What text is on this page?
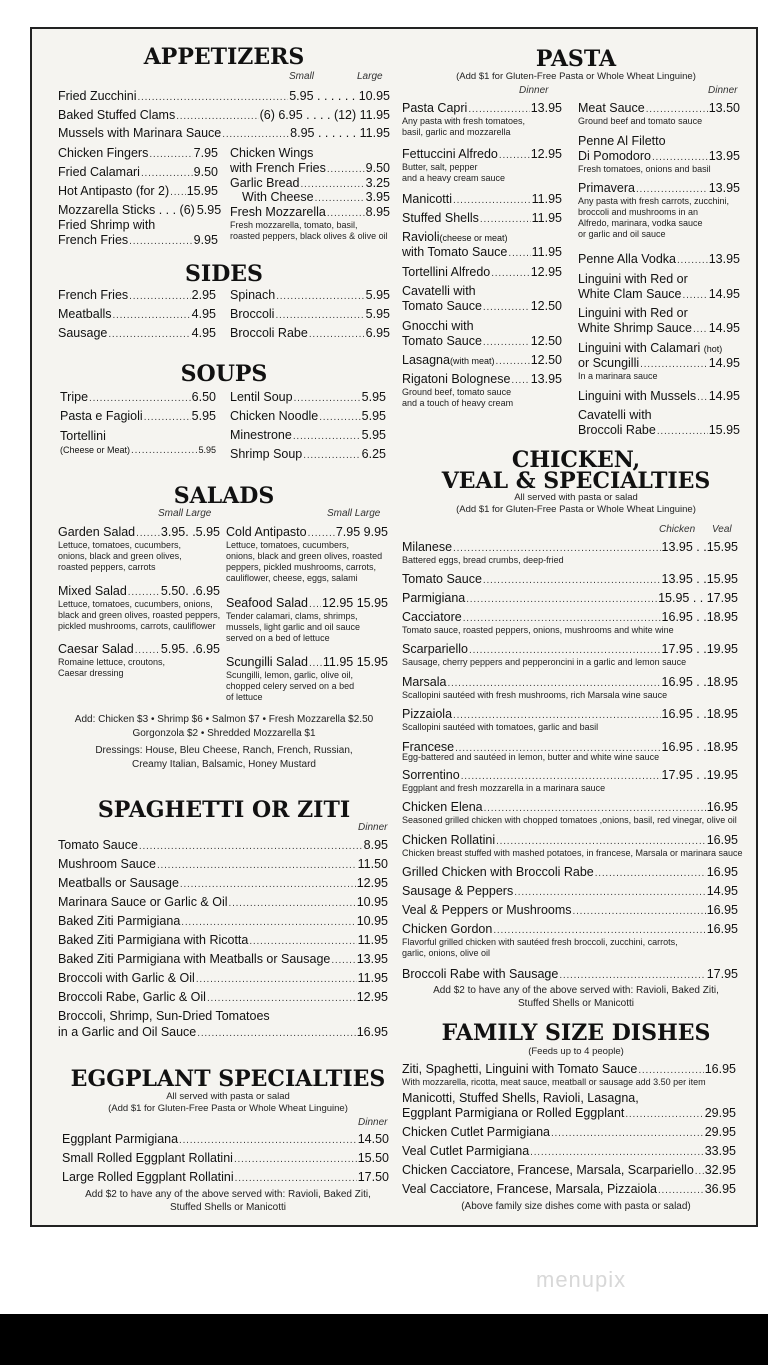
APPETIZERS
Small	Large
Fried Zucchini . . .	5.95 . . . . . . 10.95
Baked Stuffed Clams . . .	(6) 6.95 . . . . (12) 11.95
Mussels with Marinara Sauce . . .	8.95 . . . . . . 11.95
Chicken Fingers . . .	7.95
Fried Calamari . . .	9.50
Hot Antipasto (for 2) . . . 15.95
Mozzarella Sticks . . . (6) 5.95
Fried Shrimp with
French Fries . . .	9.95
Chicken Wings
with French Fries . . .	9.50
Garlic Bread . . .	3.25
With Cheese . . .	3.95
Fresh Mozzarella . . .	8.95
Fresh mozzarella, tomato, basil,
roasted peppers, black olives & olive oil
SIDES
French Fries . . .	2.95
Meatballs . . .	4.95
Sausage . . .	4.95
Spinach . . .	5.95
Broccoli . . .	5.95
Broccoli Rabe . . .	6.95
SOUPS
Tripe . . .	6.50
Pasta e Fagioli . . .	5.95
Tortellini
(Cheese or Meat) . . .	5.95
Lentil Soup . . .	5.95
Chicken Noodle . . .	5.95
Minestrone . . .	5.95
Shrimp Soup . . .	6.25
SALADS
Small Large	Small Large
Garden Salad . . . 3.95. .5.95
Lettuce, tomatoes, cucumbers,
onions, black and green olives,
roasted peppers, carrots
Mixed Salad . . .	5.50. .6.95
Lettuce, tomatoes, cucumbers, onions,
black and green olives, roasted peppers,
pickled mushrooms, carrots, cauliflower
Caesar Salad . . . 5.95. .6.95
Romaine lettuce, croutons,
Caesar dressing
Cold Antipasto . . . 7.95 9.95
Lettuce, tomatoes, cucumbers,
onions, black and green olives, roasted
peppers, pickled mushrooms, carrots,
cauliflower, cheese, eggs, salami
Seafood Salad . . . 12.95 15.95
Tender calamari, clams, shrimps,
mussels, light garlic and oil sauce
served on a bed of lettuce
Scungilli Salad . . . 11.95 15.95
Scungilli, lemon, garlic, olive oil,
chopped celery served on a bed
of lettuce
Add: Chicken $3 • Shrimp $6 • Salmon $7 • Fresh Mozzarella $2.50
Gorgonzola $2 • Shredded Mozzarella $1
Dressings: House, Bleu Cheese, Ranch, French, Russian,
Creamy Italian, Balsamic, Honey Mustard
SPAGHETTI OR ZITI
Dinner
Tomato Sauce . . .	8.95
Mushroom Sauce . . .	11.50
Meatballs or Sausage . . .	12.95
Marinara Sauce or Garlic & Oil . . .	10.95
Baked Ziti Parmigiana . . .	10.95
Baked Ziti Parmigiana with Ricotta . . .	11.95
Baked Ziti Parmigiana with Meatballs or Sausage . . . 13.95
Broccoli with Garlic & Oil . . .	11.95
Broccoli Rabe, Garlic & Oil . . .	12.95
Broccoli, Shrimp, Sun-Dried Tomatoes
in a Garlic and Oil Sauce . . .	16.95
EGGPLANT SPECIALTIES
All served with pasta or salad
(Add $1 for Gluten-Free Pasta or Whole Wheat Linguine)
Dinner
Eggplant Parmigiana . . .	14.50
Small Rolled Eggplant Rollatini . . .	15.50
Large Rolled Eggplant Rollatini . . .	17.50
Add $2 to have any of the above served with: Ravioli, Baked Ziti,
Stuffed Shells or Manicotti
PASTA
(Add $1 for Gluten-Free Pasta or Whole Wheat Linguine)
Dinner	Dinner
Pasta Capri . . .	13.95
Any pasta with fresh tomatoes,
basil, garlic and mozzarella
Fettuccini Alfredo . . .	12.95
Butter, salt, pepper
and a heavy cream sauce
Manicotti . . .	11.95
Stuffed Shells . . .	11.95
Ravioli(cheese or meat)
with Tomato Sauce . . . 11.95
Tortellini Alfredo . . .	12.95
Cavatelli with
Tomato Sauce . . .	12.50
Gnocchi with
Tomato Sauce . . .	12.50
Lasagna(with meat) . . .	12.50
Rigatoni Bolognese . . . 13.95
Ground beef, tomato sauce
and a touch of heavy cream
Meat Sauce . . .	13.50
Ground beef and tomato sauce
Penne Al Filetto
Di Pomodoro . . .	13.95
Fresh tomatoes, onions and basil
Primavera . . .	13.95
Any pasta with fresh carrots, zucchini,
broccoli and mushrooms in an
Alfredo, marinara, vodka sauce
or garlic and oil sauce
Penne Alla Vodka . . .	13.95
Linguini with Red or
White Clam Sauce . . . 14.95
Linguini with Red or
White Shrimp Sauce . . . 14.95
Linguini with Calamari (hot)
or Scungilli . . .	14.95
In a marinara sauce
Linguini with Mussels . . . 14.95
Cavatelli with
Broccoli Rabe . . .	15.95
CHICKEN,
VEAL & SPECIALTIES
All served with pasta or salad
(Add $1 for Gluten-Free Pasta or Whole Wheat Linguine)
Chicken Veal
Milanese . . .	13.95 . .15.95
Battered eggs, bread crumbs, deep-fried
Tomato Sauce . . .	13.95 . .15.95
Parmigiana . . .	15.95 . . 17.95
Cacciatore . . .	16.95 . .18.95
Tomato sauce, roasted peppers, onions, mushrooms and white wine
Scarpariello . . .	17.95 . .19.95
Sausage, cherry peppers and pepperoncini in a garlic and lemon sauce
Marsala . . .	16.95 . .18.95
Scallopini sautéed with fresh mushrooms, rich Marsala wine sauce
Pizzaiola . . .	16.95 . .18.95
Scallopini sautéed with tomatoes, garlic and basil
Francese . . .	16.95 . .18.95
Egg-battered and sautéed in lemon, butter and white wine sauce
Sorrentino . . .	17.95 . .19.95
Eggplant and fresh mozzarella in a marinara sauce
Chicken Elena . . .	16.95
Seasoned grilled chicken with chopped tomatoes ,onions, basil, red vinegar, olive oil
Chicken Rollatini . . .	16.95
Chicken breast stuffed with mashed potatoes, in francese, Marsala or marinara sauce
Grilled Chicken with Broccoli Rabe . . .	16.95
Sausage & Peppers . . .	14.95
Veal & Peppers or Mushrooms . . .	16.95
Chicken Gordon . . .	16.95
Flavorful grilled chicken with sautéed fresh broccoli, zucchini, carrots,
garlic, onions, olive oil
Broccoli Rabe with Sausage . . .	17.95
Add $2 to have any of the above served with: Ravioli, Baked Ziti,
Stuffed Shells or Manicotti
FAMILY SIZE DISHES
(Feeds up to 4 people)
Ziti, Spaghetti, Linguini with Tomato Sauce . . .	16.95
With mozzarella, ricotta, meat sauce, meatball or sausage add 3.50 per item
Manicotti, Stuffed Shells, Ravioli, Lasagna,
Eggplant Parmigiana or Rolled Eggplant . . .	29.95
Chicken Cutlet Parmigiana . . .	29.95
Veal Cutlet Parmigiana . . .	33.95
Chicken Cacciatore, Francese, Marsala, Scarpariello . . . 32.95
Veal Cacciatore, Francese, Marsala, Pizzaiola . . .	36.95
(Above family size dishes come with pasta or salad)
menupix
